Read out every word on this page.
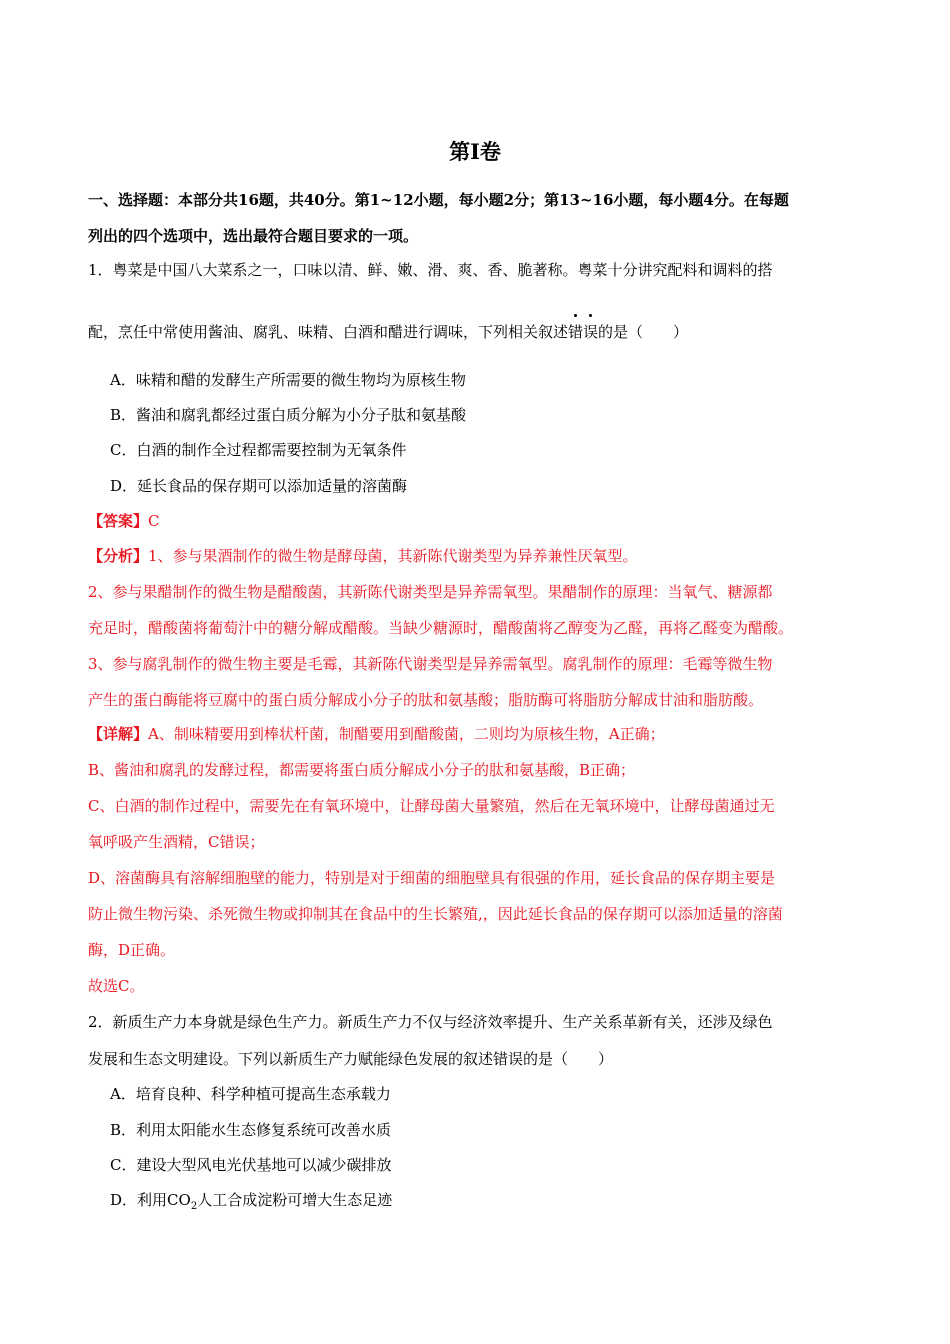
第Ⅰ卷
一、选择题：本部分共16题，共40分。第1~12小题，每小题2分；第13~16小题，每小题4分。在每题
列出的四个选项中，选出最符合题目要求的一项。
1．粤菜是中国八大菜系之一，口味以清、鲜、嫩、滑、爽、香、脆著称。粤菜十分讲究配料和调料的搭
配，烹任中常使用酱油、腐乳、味精、白酒和醋进行调味，下列相关叙述错误的是（　　）
A．味精和醋的发酵生产所需要的微生物均为原核生物
B．酱油和腐乳都经过蛋白质分解为小分子肽和氨基酸
C．白酒的制作全过程都需要控制为无氧条件
D．延长食品的保存期可以添加适量的溶菌酶
【答案】C
【分析】1、参与果酒制作的微生物是酵母菌，其新陈代谢类型为异养兼性厌氧型。
2、参与果醋制作的微生物是醋酸菌，其新陈代谢类型是异养需氧型。果醋制作的原理：当氧气、糖源都
充足时，醋酸菌将葡萄汁中的糖分解成醋酸。当缺少糖源时，醋酸菌将乙醇变为乙醛，再将乙醛变为醋酸。
3、参与腐乳制作的微生物主要是毛霉，其新陈代谢类型是异养需氧型。腐乳制作的原理：毛霉等微生物
产生的蛋白酶能将豆腐中的蛋白质分解成小分子的肽和氨基酸；脂肪酶可将脂肪分解成甘油和脂肪酸。
【详解】A、制味精要用到棒状杆菌，制醋要用到醋酸菌，二则均为原核生物，A正确；
B、酱油和腐乳的发酵过程，都需要将蛋白质分解成小分子的肽和氨基酸，B正确；
C、白酒的制作过程中，需要先在有氧环境中，让酵母菌大量繁殖，然后在无氧环境中，让酵母菌通过无
氧呼吸产生酒精，C错误；
D、溶菌酶具有溶解细胞壁的能力，特别是对于细菌的细胞壁具有很强的作用，延长食品的保存期主要是
防止微生物污染、杀死微生物或抑制其在食品中的生长繁殖,，因此延长食品的保存期可以添加适量的溶菌
酶，D正确。
故选C。
2．新质生产力本身就是绿色生产力。新质生产力不仅与经济效率提升、生产关系革新有关，还涉及绿色
发展和生态文明建设。下列以新质生产力赋能绿色发展的叙述错误的是（　　）
A．培育良种、科学种植可提高生态承载力
B．利用太阳能水生态修复系统可改善水质
C．建设大型风电光伏基地可以减少碳排放
D．利用$CO_2$人工合成淀粉可增大生态足迹
